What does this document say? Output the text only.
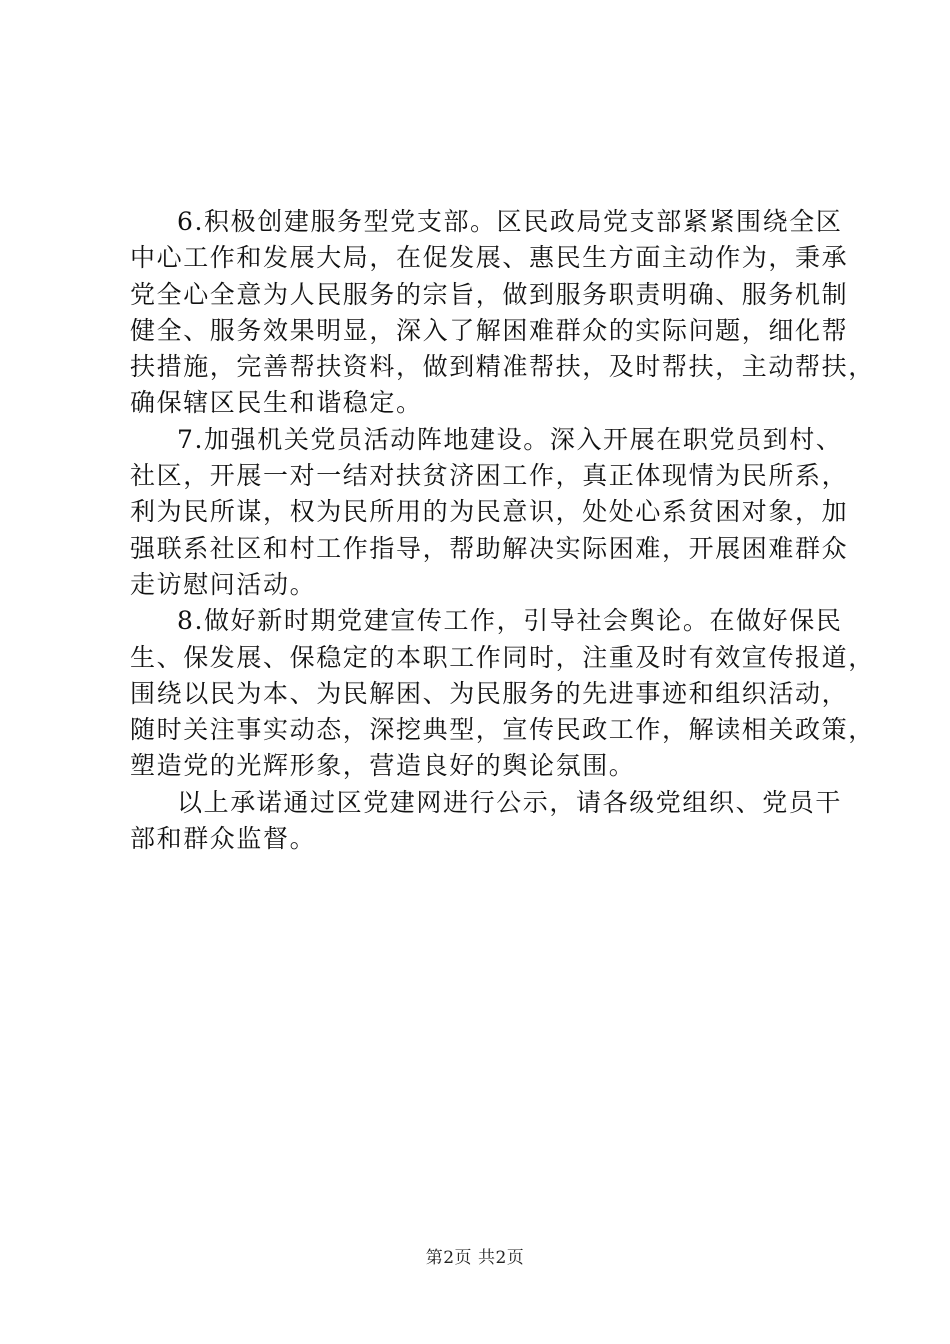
6.积极创建服务型党支部。区民政局党支部紧紧围绕全区
中心工作和发展大局，在促发展、惠民生方面主动作为，秉承
党全心全意为人民服务的宗旨，做到服务职责明确、服务机制
健全、服务效果明显，深入了解困难群众的实际问题，细化帮
扶措施，完善帮扶资料，做到精准帮扶，及时帮扶，主动帮扶，
确保辖区民生和谐稳定。
7.加强机关党员活动阵地建设。深入开展在职党员到村、
社区，开展一对一结对扶贫济困工作，真正体现情为民所系，
利为民所谋，权为民所用的为民意识，处处心系贫困对象，加
强联系社区和村工作指导，帮助解决实际困难，开展困难群众
走访慰问活动。
8.做好新时期党建宣传工作，引导社会舆论。在做好保民
生、保发展、保稳定的本职工作同时，注重及时有效宣传报道，
围绕以民为本、为民解困、为民服务的先进事迹和组织活动，
随时关注事实动态，深挖典型，宣传民政工作，解读相关政策，
塑造党的光辉形象，营造良好的舆论氛围。
以上承诺通过区党建网进行公示，请各级党组织、党员干
部和群众监督。
第2页 共2页
